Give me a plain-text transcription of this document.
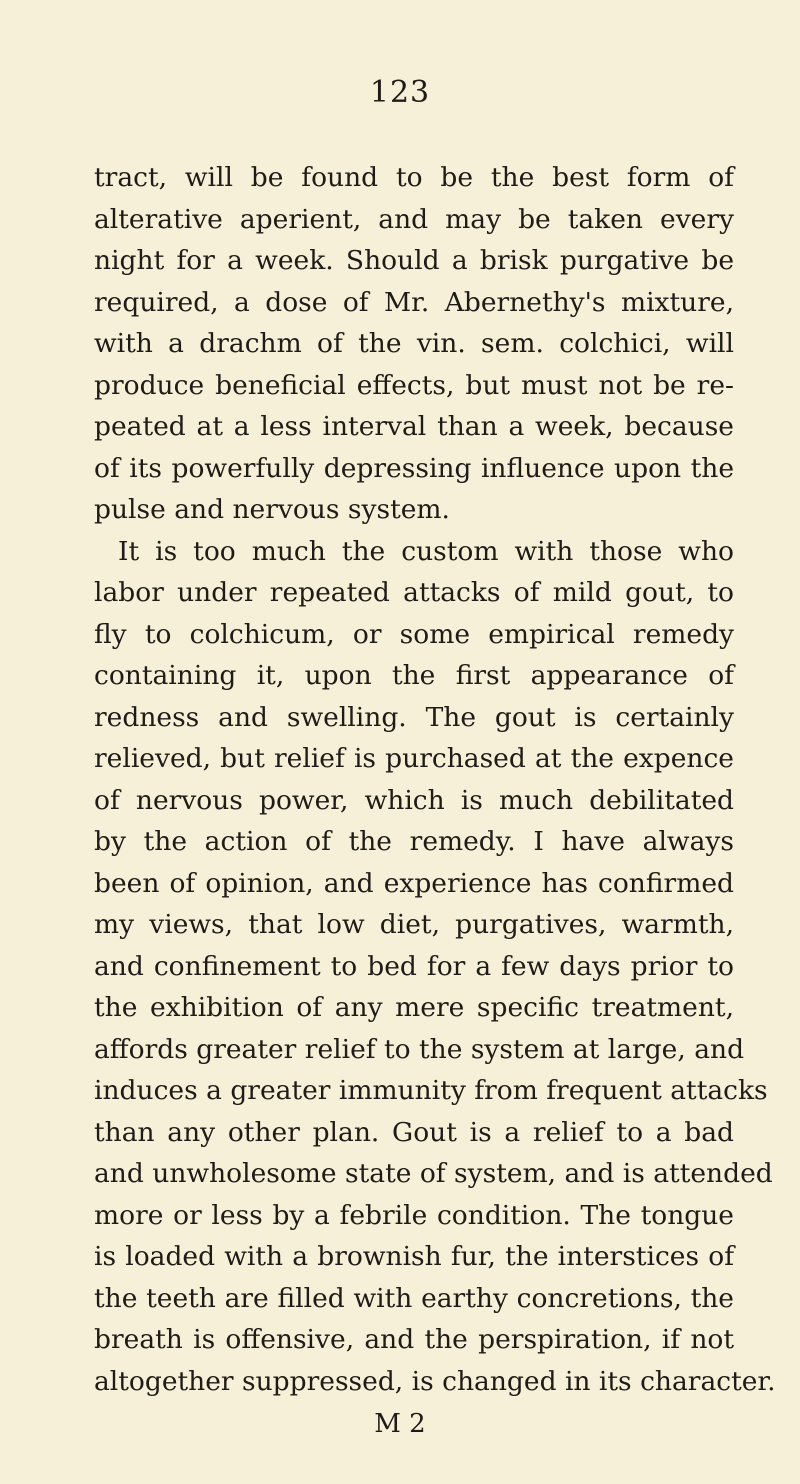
123
tract, will be found to be the best form of
alterative aperient, and may be taken every
night for a week. Should a brisk purgative be
required, a dose of Mr. Abernethy's mixture,
with a drachm of the vin. sem. colchici, will
produce beneficial effects, but must not be re-
peated at a less interval than a week, because
of its powerfully depressing influence upon the
pulse and nervous system.
It is too much the custom with those who
labor under repeated attacks of mild gout, to
fly to colchicum, or some empirical remedy
containing it, upon the first appearance of
redness and swelling. The gout is certainly
relieved, but relief is purchased at the expence
of nervous power, which is much debilitated
by the action of the remedy. I have always
been of opinion, and experience has confirmed
my views, that low diet, purgatives, warmth,
and confinement to bed for a few days prior to
the exhibition of any mere specific treatment,
affords greater relief to the system at large, and
induces a greater immunity from frequent attacks
than any other plan. Gout is a relief to a bad
and unwholesome state of system, and is attended
more or less by a febrile condition. The tongue
is loaded with a brownish fur, the interstices of
the teeth are filled with earthy concretions, the
breath is offensive, and the perspiration, if not
altogether suppressed, is changed in its character.
M 2
